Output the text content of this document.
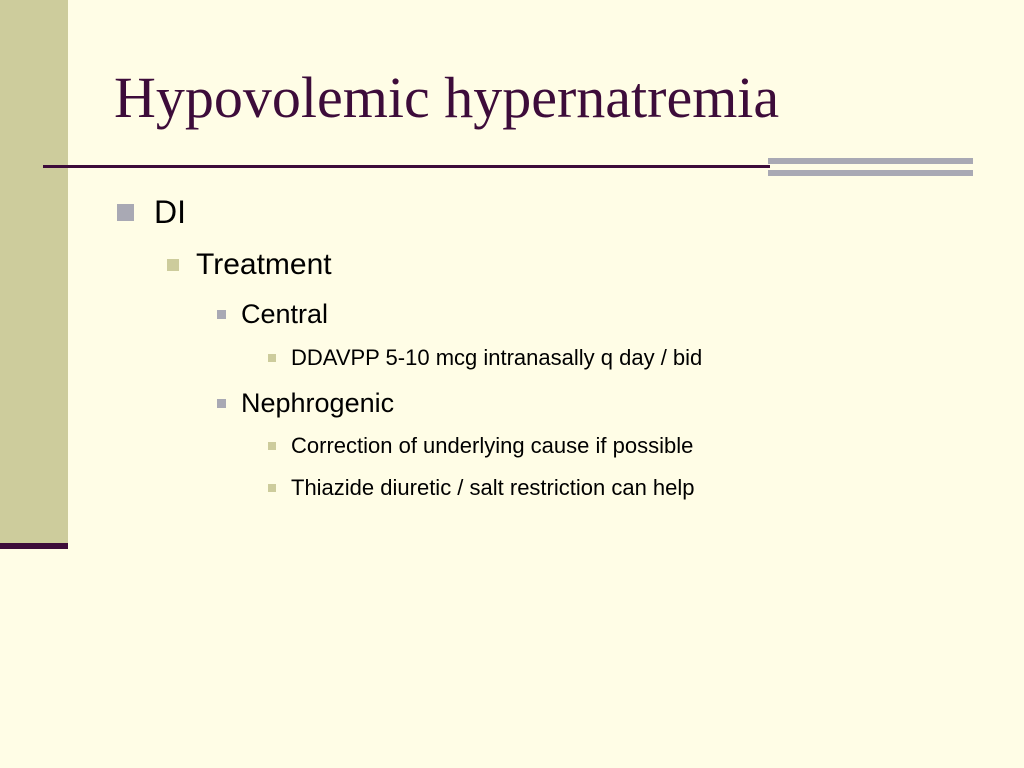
Hypovolemic hypernatremia
DI
Treatment
Central
DDAVPP 5-10 mcg intranasally q day / bid
Nephrogenic
Correction of underlying cause if possible
Thiazide diuretic / salt restriction can help
